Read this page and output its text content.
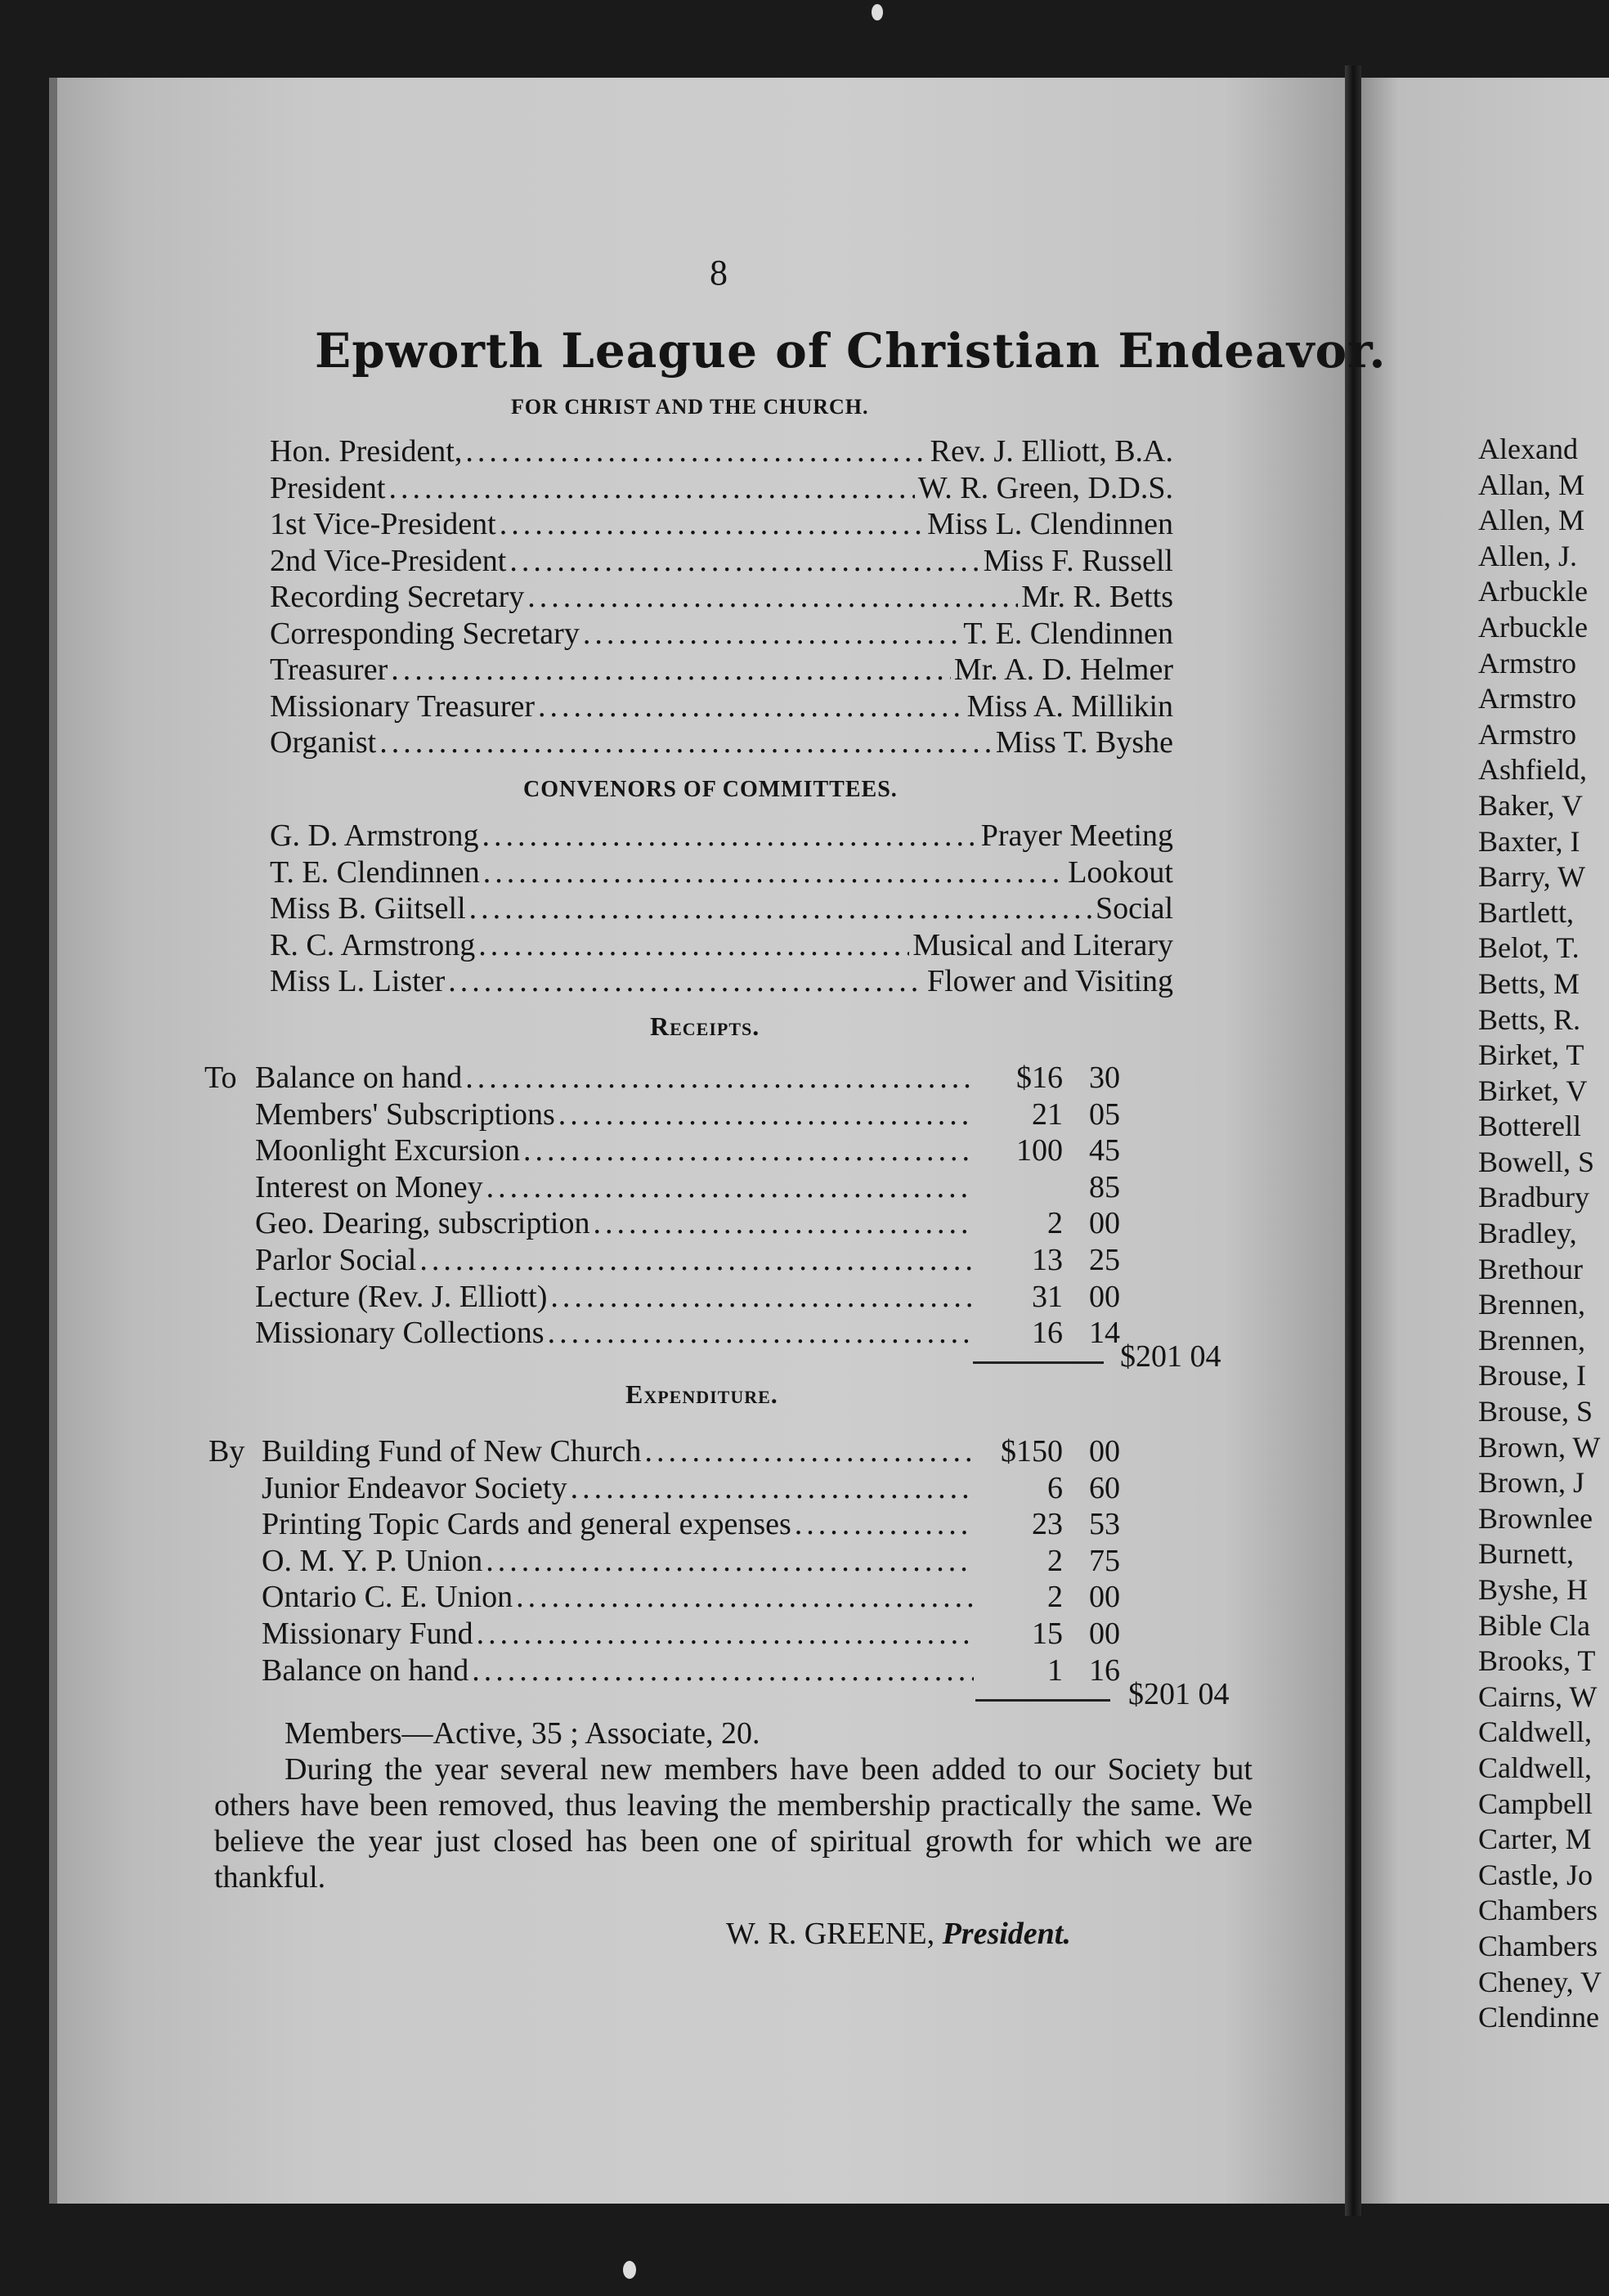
8
Epworth League of Christian Endeavor.
FOR CHRIST AND THE CHURCH.
Hon. President, .....	Rev. J. Elliott, B.A.
President .....	W. R. Green, D.D.S.
1st Vice-President .....	Miss L. Clendinnen
2nd Vice-President .....	Miss F. Russell
Recording Secretary .....	Mr. R. Betts
Corresponding Secretary .....	T. E. Clendinnen
Treasurer .....	Mr. A. D. Helmer
Missionary Treasurer .....	Miss A. Millikin
Organist .....	Miss T. Byshe
CONVENORS OF COMMITTEES.
G. D. Armstrong .....	Prayer Meeting
T. E. Clendinnen .....	Lookout
Miss B. Giitsell .....	Social
R. C. Armstrong .....	Musical and Literary
Miss L. Lister .....	Flower and Visiting
Receipts.
To Balance on hand .....	$16 30
Members' Subscriptions .....	21 05
Moonlight Excursion .....	100 45
Interest on Money .....	85
Geo. Dearing, subscription .....	2 00
Parlor Social .....	13 25
Lecture (Rev. J. Elliott) .....	31 00
Missionary Collections .....	16 14
$201 04
Expenditure.
By Building Fund of New Church .....	$150 00
Junior Endeavor Society .....	6 60
Printing Topic Cards and general expenses .....	23 53
O. M. Y. P. Union .....	2 75
Ontario C. E. Union .....	2 00
Missionary Fund .....	15 00
Balance on hand .....	1 16
$201 04
Members—Active, 35 ; Associate, 20.
During the year several new members have been added to our Society but others have been removed, thus leaving the membership practically the same. We believe the year just closed has been one of spiritual growth for which we are thankful.
W. R. GREENE, President.
Alexand
Allan, M
Allen, M
Allen, J.
Arbuckle
Arbuckle
Armstro
Armstro
Armstro
Ashfield,
Baker, V
Baxter, I
Barry, W
Bartlett,
Belot, T.
Betts, M
Betts, R.
Birket, T
Birket, V
Botterell
Bowell, S
Bradbury
Bradley,
Brethour
Brennen,
Brennen,
Brouse, I
Brouse, S
Brown, W
Brown, J
Brownlee
Burnett,
Byshe, H
Bible Cla
Brooks, T
Cairns, W
Caldwell,
Caldwell,
Campbell
Carter, M
Castle, Jo
Chambers
Chambers
Cheney, V
Clendinne
